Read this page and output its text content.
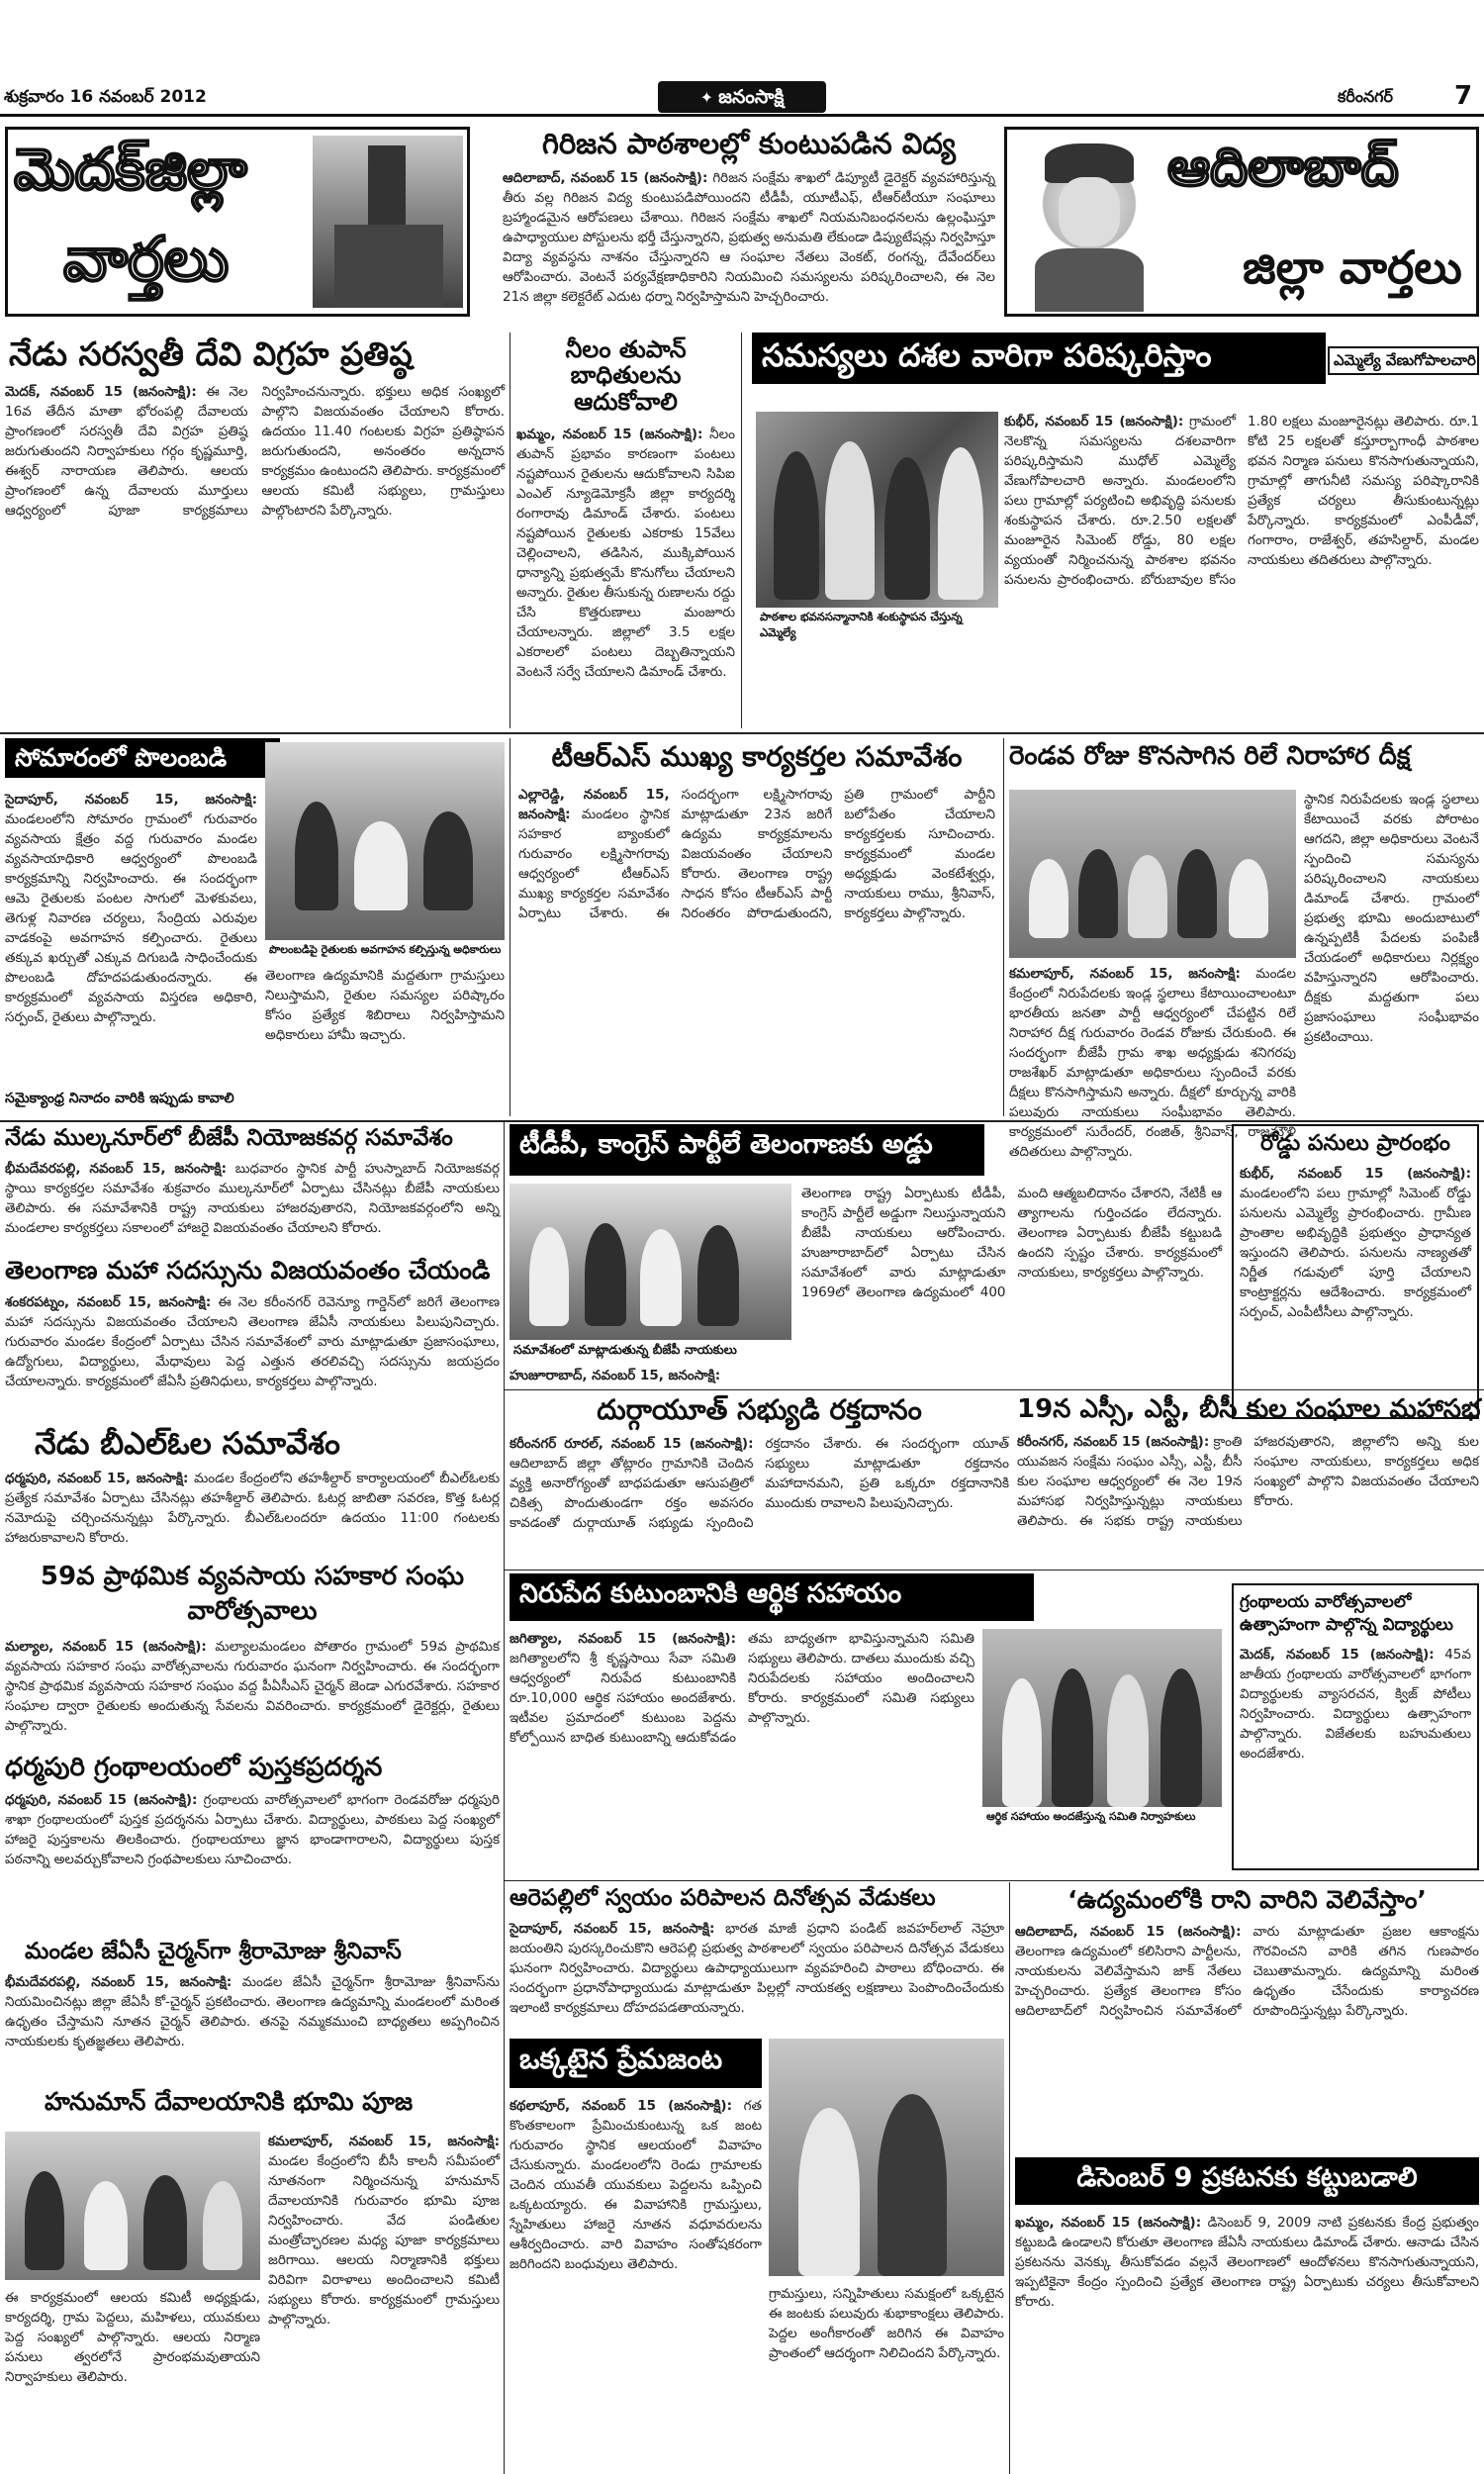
శుక్రవారం 16 నవంబర్ 2012	✦ జనంసాక్షి	కరీంనగర్ 7
మెదక్‌జిల్లా
వార్తలు
ఆదిలాబాద్
జిల్లా వార్తలు
గిరిజన పాఠశాలల్లో కుంటుపడిన విద్య
ఆదిలాబాద్, నవంబర్ 15 (జనంసాక్షి): గిరిజన సంక్షేమ శాఖలో డిప్యూటీ డైరెక్టర్ వ్యవహారిస్తున్న తీరు వల్ల గిరిజన విద్య కుంటుపడిపోయిందని టీడీపీ, యూటీఎఫ్, టీఆర్‌టీయూ సంఘాలు బ్రహ్మాండమైన ఆరోపణలు చేశాయి. గిరిజన సంక్షేమ శాఖలో నియమనిబంధనలను ఉల్లంఘిస్తూ ఉపాధ్యాయుల పోస్టులను భర్తీ చేస్తున్నారని, ప్రభుత్వ అనుమతి లేకుండా డిప్యుటేషన్లు నిర్వహిస్తూ విద్యా వ్యవస్థను నాశనం చేస్తున్నారని ఆ సంఘాల నేతలు వెంకట్, రంగన్న, దేవేందర్‌లు ఆరోపించారు. వెంటనే పర్యవేక్షణాధికారిని నియమించి సమస్యలను పరిష్కరించాలని, ఈ నెల 21న జిల్లా కలెక్టరేట్ ఎదుట ధర్నా నిర్వహిస్తామని హెచ్చరించారు.
నేడు సరస్వతీ దేవి విగ్రహ ప్రతిష్ఠ
మెదక్, నవంబర్ 15 (జనంసాక్షి): ఈ నెల 16వ తేదీన మాతా భోరంపల్లి దేవాలయ ప్రాంగణంలో సరస్వతీ దేవి విగ్రహ ప్రతిష్ఠ జరుగుతుందని నిర్వాహకులు గర్గం కృష్ణమూర్తి, ఈశ్వర్ నారాయణ తెలిపారు. ఆలయ ప్రాంగణంలో ఉన్న దేవాలయ మూర్తులు ఆధ్వర్యంలో పూజా కార్యక్రమాలు నిర్వహించనున్నారు. భక్తులు అధిక సంఖ్యలో పాల్గొని విజయవంతం చేయాలని కోరారు. ఉదయం 11.40 గంటలకు విగ్రహ ప్రతిష్ఠాపన జరుగుతుందని, అనంతరం అన్నదాన కార్యక్రమం ఉంటుందని తెలిపారు. కార్యక్రమంలో ఆలయ కమిటీ సభ్యులు, గ్రామస్తులు పాల్గొంటారని పేర్కొన్నారు.
నీలం తుపాన్ బాధితులను ఆదుకోవాలి
ఖమ్మం, నవంబర్ 15 (జనంసాక్షి): నీలం తుపాన్ ప్రభావం కారణంగా పంటలు నష్టపోయిన రైతులను ఆదుకోవాలని సిపిఐ ఎంఎల్ న్యూడెమోక్రసీ జిల్లా కార్యదర్శి రంగారావు డిమాండ్ చేశారు. పంటలు నష్టపోయిన రైతులకు ఎకరాకు 15వేలు చెల్లించాలని, తడిసిన, ముక్కిపోయిన ధాన్యాన్ని ప్రభుత్వమే కొనుగోలు చేయాలని అన్నారు. రైతుల తీసుకున్న రుణాలను రద్దు చేసి కొత్తరుణాలు మంజూరు చేయాలన్నారు. జిల్లాలో 3.5 లక్షల ఎకరాలలో పంటలు దెబ్బతిన్నాయని వెంటనే సర్వే చేయాలని డిమాండ్ చేశారు.
సమస్యలు దశల వారిగా పరిష్కరిస్తాం	ఎమ్మెల్యే వేణుగోపాలచారి
పాఠశాల భవనసన్మానానికి శంకుస్థాపన చేస్తున్న ఎమ్మెల్యే
కుభీర్, నవంబర్ 15 (జనంసాక్షి): గ్రామంలో నెలకొన్న సమస్యలను దశలవారిగా పరిష్కరిస్తామని ముధోల్ ఎమ్మెల్యే వేణుగోపాలచారి అన్నారు. మండలంలోని పలు గ్రామాల్లో పర్యటించి అభివృద్ధి పనులకు శంకుస్థాపన చేశారు. రూ.2.50 లక్షలతో మంజూరైన సిమెంట్ రోడ్డు, 80 లక్షల వ్యయంతో నిర్మించనున్న పాఠశాల భవనం పనులను ప్రారంభించారు. బోరుబావుల కోసం 1.80 లక్షలు మంజూరైనట్లు తెలిపారు. రూ.1 కోటి 25 లక్షలతో కస్తూర్బాగాంధీ పాఠశాల భవన నిర్మాణ పనులు కొనసాగుతున్నాయని, గ్రామాల్లో తాగునీటి సమస్య పరిష్కారానికి ప్రత్యేక చర్యలు తీసుకుంటున్నట్లు పేర్కొన్నారు. కార్యక్రమంలో ఎంపీడీవో, గంగారాం, రాజేశ్వర్, తహసిల్దార్, మండల నాయకులు తదితరులు పాల్గొన్నారు.
సోమారంలో పొలంబడి
పొలంబడిపై రైతులకు అవగాహన కల్పిస్తున్న అధికారులు
సైదాపూర్, నవంబర్ 15, జనంసాక్షి: మండలంలోని సోమారం గ్రామంలో గురువారం వ్యవసాయ క్షేత్రం వద్ద గురువారం మండల వ్యవసాయాధికారి ఆధ్వర్యంలో పొలంబడి కార్యక్రమాన్ని నిర్వహించారు. ఈ సందర్భంగా ఆమె రైతులకు పంటల సాగులో మెళకువలు, తెగుళ్ల నివారణ చర్యలు, సేంద్రియ ఎరువుల వాడకంపై అవగాహన కల్పించారు. రైతులు తక్కువ ఖర్చుతో ఎక్కువ దిగుబడి సాధించేందుకు పొలంబడి దోహదపడుతుందన్నారు. ఈ కార్యక్రమంలో వ్యవసాయ విస్తరణ అధికారి, సర్పంచ్, రైతులు పాల్గొన్నారు.
తెలంగాణ ఉద్యమానికి మద్దతుగా గ్రామస్తులు నిలుస్తామని, రైతుల సమస్యల పరిష్కారం కోసం ప్రత్యేక శిబిరాలు నిర్వహిస్తామని అధికారులు హామీ ఇచ్చారు.
సమైక్యాంధ్ర నినాదం వారికి ఇప్పుడు కావాలి
టీఆర్ఎస్ ముఖ్య కార్యకర్తల సమావేశం
ఎల్లారెడ్డి, నవంబర్ 15, జనంసాక్షి: మండలం స్థానిక సహకార బ్యాంకులో గురువారం లక్ష్మిసాగరావు ఆధ్వర్యంలో టీఆర్ఎస్ ముఖ్య కార్యకర్తల సమావేశం ఏర్పాటు చేశారు. ఈ సందర్భంగా లక్ష్మిసాగరావు మాట్లాడుతూ 23న జరిగే ఉద్యమ కార్యక్రమాలను విజయవంతం చేయాలని కోరారు. తెలంగాణ రాష్ట్ర సాధన కోసం టీఆర్ఎస్ పార్టీ నిరంతరం పోరాడుతుందని, ప్రతి గ్రామంలో పార్టీని బలోపేతం చేయాలని కార్యకర్తలకు సూచించారు. కార్యక్రమంలో మండల అధ్యక్షుడు వెంకటేశ్వర్లు, నాయకులు రాము, శ్రీనివాస్, కార్యకర్తలు పాల్గొన్నారు.
రెండవ రోజు కొనసాగిన రిలే నిరాహార దీక్ష
కమలాపూర్, నవంబర్ 15, జనంసాక్షి: మండల కేంద్రంలో నిరుపేదలకు ఇండ్ల స్థలాలు కేటాయించాలంటూ భారతీయ జనతా పార్టీ ఆధ్వర్యంలో చేపట్టిన రిలే నిరాహార దీక్ష గురువారం రెండవ రోజుకు చేరుకుంది. ఈ సందర్భంగా బీజేపీ గ్రామ శాఖ అధ్యక్షుడు శనిగరపు రాజశేఖర్ మాట్లాడుతూ అధికారులు స్పందించే వరకు దీక్షలు కొనసాగిస్తామని అన్నారు. దీక్షలో కూర్చున్న వారికి పలువురు నాయకులు సంఘీభావం తెలిపారు. కార్యక్రమంలో సురేందర్, రంజిత్, శ్రీనివాస్, రాజమౌళి తదితరులు పాల్గొన్నారు.
స్థానిక నిరుపేదలకు ఇండ్ల స్థలాలు కేటాయించే వరకు పోరాటం ఆగదని, జిల్లా అధికారులు వెంటనే స్పందించి సమస్యను పరిష్కరించాలని నాయకులు డిమాండ్ చేశారు. గ్రామంలో ప్రభుత్వ భూమి అందుబాటులో ఉన్నప్పటికీ పేదలకు పంపిణీ చేయడంలో అధికారులు నిర్లక్ష్యం వహిస్తున్నారని ఆరోపించారు. దీక్షకు మద్దతుగా పలు ప్రజాసంఘాలు సంఘీభావం ప్రకటించాయి.
నేడు ముల్కనూర్‌లో బీజేపీ నియోజకవర్గ సమావేశం
భీమదేవరపల్లి, నవంబర్ 15, జనంసాక్షి: బుధవారం స్థానిక పార్టీ హుస్నాబాద్ నియోజకవర్గ స్థాయి కార్యకర్తల సమావేశం శుక్రవారం ముల్కనూర్‌లో ఏర్పాటు చేసినట్లు బీజేపీ నాయకులు తెలిపారు. ఈ సమావేశానికి రాష్ట్ర నాయకులు హాజరవుతారని, నియోజకవర్గంలోని అన్ని మండలాల కార్యకర్తలు సకాలంలో హాజరై విజయవంతం చేయాలని కోరారు.
తెలంగాణ మహా సదస్సును విజయవంతం చేయండి
శంకరపట్నం, నవంబర్ 15, జనంసాక్షి: ఈ నెల కరీంనగర్ రెవెన్యూ గార్డెన్‌లో జరిగే తెలంగాణ మహా సదస్సును విజయవంతం చేయాలని తెలంగాణ జేఏసీ నాయకులు పిలుపునిచ్చారు. గురువారం మండల కేంద్రంలో ఏర్పాటు చేసిన సమావేశంలో వారు మాట్లాడుతూ ప్రజాసంఘాలు, ఉద్యోగులు, విద్యార్థులు, మేధావులు పెద్ద ఎత్తున తరలివచ్చి సదస్సును జయప్రదం చేయాలన్నారు. కార్యక్రమంలో జేఏసీ ప్రతినిధులు, కార్యకర్తలు పాల్గొన్నారు.
నేడు బీఎల్‌ఓల సమావేశం
ధర్మపురి, నవంబర్ 15, జనంసాక్షి: మండల కేంద్రంలోని తహశీల్దార్ కార్యాలయంలో బీఎల్‌ఓలకు ప్రత్యేక సమావేశం ఏర్పాటు చేసినట్లు తహశీల్దార్ తెలిపారు. ఓటర్ల జాబితా సవరణ, కొత్త ఓటర్ల నమోదుపై చర్చించనున్నట్లు పేర్కొన్నారు. బీఎల్‌ఓలందరూ ఉదయం 11:00 గంటలకు హాజరుకావాలని కోరారు.
59వ ప్రాథమిక వ్యవసాయ సహకార సంఘ వారోత్సవాలు
మల్యాల, నవంబర్ 15 (జనంసాక్షి): మల్యాలమండలం పోతారం గ్రామంలో 59వ ప్రాథమిక వ్యవసాయ సహకార సంఘ వారోత్సవాలను గురువారం ఘనంగా నిర్వహించారు. ఈ సందర్భంగా స్థానిక ప్రాథమిక వ్యవసాయ సహకార సంఘం వద్ద పీఏసీఎస్ చైర్మన్ జెండా ఎగురవేశారు. సహకార సంఘాల ద్వారా రైతులకు అందుతున్న సేవలను వివరించారు. కార్యక్రమంలో డైరెక్టర్లు, రైతులు పాల్గొన్నారు.
ధర్మపురి గ్రంథాలయంలో పుస్తకప్రదర్శన
ధర్మపురి, నవంబర్ 15 (జనంసాక్షి): గ్రంథాలయ వారోత్సవాలలో భాగంగా రెండవరోజు ధర్మపురి శాఖా గ్రంథాలయంలో పుస్తక ప్రదర్శనను ఏర్పాటు చేశారు. విద్యార్థులు, పాఠకులు పెద్ద సంఖ్యలో హాజరై పుస్తకాలను తిలకించారు. గ్రంథాలయాలు జ్ఞాన భాండాగారాలని, విద్యార్థులు పుస్తక పఠనాన్ని అలవర్చుకోవాలని గ్రంథపాలకులు సూచించారు.
మండల జేఏసీ చైర్మన్‌గా శ్రీరామోజు శ్రీనివాస్
భీమదేవరపల్లి, నవంబర్ 15, జనంసాక్షి: మండల జేఏసీ చైర్మన్‌గా శ్రీరామోజు శ్రీనివాస్‌ను నియమించినట్లు జిల్లా జేఏసీ కో-చైర్మన్ ప్రకటించారు. తెలంగాణ ఉద్యమాన్ని మండలంలో మరింత ఉధృతం చేస్తామని నూతన చైర్మన్ తెలిపారు. తనపై నమ్మకముంచి బాధ్యతలు అప్పగించిన నాయకులకు కృతజ్ఞతలు తెలిపారు.
హనుమాన్ దేవాలయానికి భూమి పూజ
కమలాపూర్, నవంబర్ 15, జనంసాక్షి: మండల కేంద్రంలోని బీసీ కాలనీ సమీపంలో నూతనంగా నిర్మించనున్న హనుమాన్ దేవాలయానికి గురువారం భూమి పూజ నిర్వహించారు. వేద పండితుల మంత్రోచ్ఛారణల మధ్య పూజా కార్యక్రమాలు జరిగాయి. ఆలయ నిర్మాణానికి భక్తులు విరివిగా విరాళాలు అందించాలని కమిటీ సభ్యులు కోరారు. కార్యక్రమంలో గ్రామస్తులు పాల్గొన్నారు.
ఈ కార్యక్రమంలో ఆలయ కమిటీ అధ్యక్షుడు, కార్యదర్శి, గ్రామ పెద్దలు, మహిళలు, యువకులు పెద్ద సంఖ్యలో పాల్గొన్నారు. ఆలయ నిర్మాణ పనులు త్వరలోనే ప్రారంభమవుతాయని నిర్వాహకులు తెలిపారు.
టీడీపీ, కాంగ్రెస్ పార్టీలే తెలంగాణకు అడ్డు
సమావేశంలో మాట్లాడుతున్న బీజేపీ నాయకులు
హుజూరాబాద్, నవంబర్ 15, జనంసాక్షి:
తెలంగాణ రాష్ట్ర ఏర్పాటుకు టీడీపీ, కాంగ్రెస్ పార్టీలే అడ్డుగా నిలుస్తున్నాయని బీజేపీ నాయకులు ఆరోపించారు. హుజూరాబాద్‌లో ఏర్పాటు చేసిన సమావేశంలో వారు మాట్లాడుతూ 1969లో తెలంగాణ ఉద్యమంలో 400 మంది ఆత్మబలిదానం చేశారని, నేటికీ ఆ త్యాగాలను గుర్తించడం లేదన్నారు. తెలంగాణ ఏర్పాటుకు బీజేపీ కట్టుబడి ఉందని స్పష్టం చేశారు. కార్యక్రమంలో నాయకులు, కార్యకర్తలు పాల్గొన్నారు.
రోడ్డు పనులు ప్రారంభం
కుభీర్, నవంబర్ 15 (జనంసాక్షి): మండలంలోని పలు గ్రామాల్లో సిమెంట్ రోడ్డు పనులను ఎమ్మెల్యే ప్రారంభించారు. గ్రామీణ ప్రాంతాల అభివృద్ధికి ప్రభుత్వం ప్రాధాన్యత ఇస్తుందని తెలిపారు. పనులను నాణ్యతతో నిర్ణీత గడువులో పూర్తి చేయాలని కాంట్రాక్టర్లను ఆదేశించారు. కార్యక్రమంలో సర్పంచ్, ఎంపీటీసీలు పాల్గొన్నారు.
దుర్గాయూత్ సభ్యుడి రక్తదానం
కరీంనగర్ రూరల్, నవంబర్ 15 (జనంసాక్షి): ఆదిలాబాద్ జిల్లా తోట్లారం గ్రామానికి చెందిన వ్యక్తి అనారోగ్యంతో బాధపడుతూ ఆసుపత్రిలో చికిత్స పొందుతుండగా రక్తం అవసరం కావడంతో దుర్గాయూత్ సభ్యుడు స్పందించి రక్తదానం చేశారు. ఈ సందర్భంగా యూత్ సభ్యులు మాట్లాడుతూ రక్తదానం మహాదానమని, ప్రతి ఒక్కరూ రక్తదానానికి ముందుకు రావాలని పిలుపునిచ్చారు.
19న ఎస్సీ, ఎస్టీ, బీసీ కుల సంఘాల మహాసభ
కరీంనగర్, నవంబర్ 15 (జనంసాక్షి): క్రాంతి యువజన సంక్షేమ సంఘం ఎస్సీ, ఎస్టీ, బీసీ కుల సంఘాల ఆధ్వర్యంలో ఈ నెల 19న మహాసభ నిర్వహిస్తున్నట్లు నాయకులు తెలిపారు. ఈ సభకు రాష్ట్ర నాయకులు హాజరవుతారని, జిల్లాలోని అన్ని కుల సంఘాల నాయకులు, కార్యకర్తలు అధిక సంఖ్యలో పాల్గొని విజయవంతం చేయాలని కోరారు.
నిరుపేద కుటుంబానికి ఆర్థిక సహాయం
జగిత్యాల, నవంబర్ 15 (జనంసాక్షి): జగిత్యాలలోని శ్రీ కృష్ణసాయి సేవా సమితి ఆధ్వర్యంలో నిరుపేద కుటుంబానికి రూ.10,000 ఆర్థిక సహాయం అందజేశారు. ఇటీవల ప్రమాదంలో కుటుంబ పెద్దను కోల్పోయిన బాధిత కుటుంబాన్ని ఆదుకోవడం తమ బాధ్యతగా భావిస్తున్నామని సమితి సభ్యులు తెలిపారు. దాతలు ముందుకు వచ్చి నిరుపేదలకు సహాయం అందించాలని కోరారు. కార్యక్రమంలో సమితి సభ్యులు పాల్గొన్నారు.
ఆర్థిక సహాయం అందజేస్తున్న సమితి నిర్వాహకులు
గ్రంథాలయ వారోత్సవాలలో ఉత్సాహంగా పాల్గొన్న విద్యార్థులు
మెదక్, నవంబర్ 15 (జనంసాక్షి): 45వ జాతీయ గ్రంథాలయ వారోత్సవాలలో భాగంగా విద్యార్థులకు వ్యాసరచన, క్విజ్ పోటీలు నిర్వహించారు. విద్యార్థులు ఉత్సాహంగా పాల్గొన్నారు. విజేతలకు బహుమతులు అందజేశారు.
ఆరెపల్లిలో స్వయం పరిపాలన దినోత్సవ వేడుకలు
సైదాపూర్, నవంబర్ 15, జనంసాక్షి: భారత మాజీ ప్రధాని పండిట్ జవహర్‌లాల్ నెహ్రూ జయంతిని పురస్కరించుకొని ఆరెపల్లి ప్రభుత్వ పాఠశాలలో స్వయం పరిపాలన దినోత్సవ వేడుకలు ఘనంగా నిర్వహించారు. విద్యార్థులు ఉపాధ్యాయులుగా వ్యవహరించి పాఠాలు బోధించారు. ఈ సందర్భంగా ప్రధానోపాధ్యాయుడు మాట్లాడుతూ పిల్లల్లో నాయకత్వ లక్షణాలు పెంపొందించేందుకు ఇలాంటి కార్యక్రమాలు దోహదపడతాయన్నారు.
ఒక్కటైన ప్రేమజంట
కథలాపూర్, నవంబర్ 15 (జనంసాక్షి): గత కొంతకాలంగా ప్రేమించుకుంటున్న ఒక జంట గురువారం స్థానిక ఆలయంలో వివాహం చేసుకున్నారు. మండలంలోని రెండు గ్రామాలకు చెందిన యువతీ యువకులు పెద్దలను ఒప్పించి ఒక్కటయ్యారు. ఈ వివాహానికి గ్రామస్తులు, స్నేహితులు హాజరై నూతన వధూవరులను ఆశీర్వదించారు. వారి వివాహం సంతోషకరంగా జరిగిందని బంధువులు తెలిపారు.
గ్రామస్తులు, సన్నిహితులు సమక్షంలో ఒక్కటైన ఈ జంటకు పలువురు శుభాకాంక్షలు తెలిపారు. పెద్దల అంగీకారంతో జరిగిన ఈ వివాహం ప్రాంతంలో ఆదర్శంగా నిలిచిందని పేర్కొన్నారు.
‘ఉద్యమంలోకి రాని వారిని వెలివేస్తాం’
ఆదిలాబాద్, నవంబర్ 15 (జనంసాక్షి): తెలంగాణ ఉద్యమంలో కలిసిరాని పార్టీలను, నాయకులను వెలివేస్తామని జాక్ నేతలు హెచ్చరించారు. ప్రత్యేక తెలంగాణ కోసం ఆదిలాబాద్‌లో నిర్వహించిన సమావేశంలో వారు మాట్లాడుతూ ప్రజల ఆకాంక్షను గౌరవించని వారికి తగిన గుణపాఠం చెబుతామన్నారు. ఉద్యమాన్ని మరింత ఉధృతం చేసేందుకు కార్యాచరణ రూపొందిస్తున్నట్లు పేర్కొన్నారు.
డిసెంబర్ 9 ప్రకటనకు కట్టుబడాలి
ఖమ్మం, నవంబర్ 15 (జనంసాక్షి): డిసెంబర్ 9, 2009 నాటి ప్రకటనకు కేంద్ర ప్రభుత్వం కట్టుబడి ఉండాలని కోరుతూ తెలంగాణ జేఏసీ నాయకులు డిమాండ్ చేశారు. ఆనాడు చేసిన ప్రకటనను వెనక్కు తీసుకోవడం వల్లనే తెలంగాణలో ఆందోళనలు కొనసాగుతున్నాయని, ఇప్పటికైనా కేంద్రం స్పందించి ప్రత్యేక తెలంగాణ రాష్ట్ర ఏర్పాటుకు చర్యలు తీసుకోవాలని కోరారు.
